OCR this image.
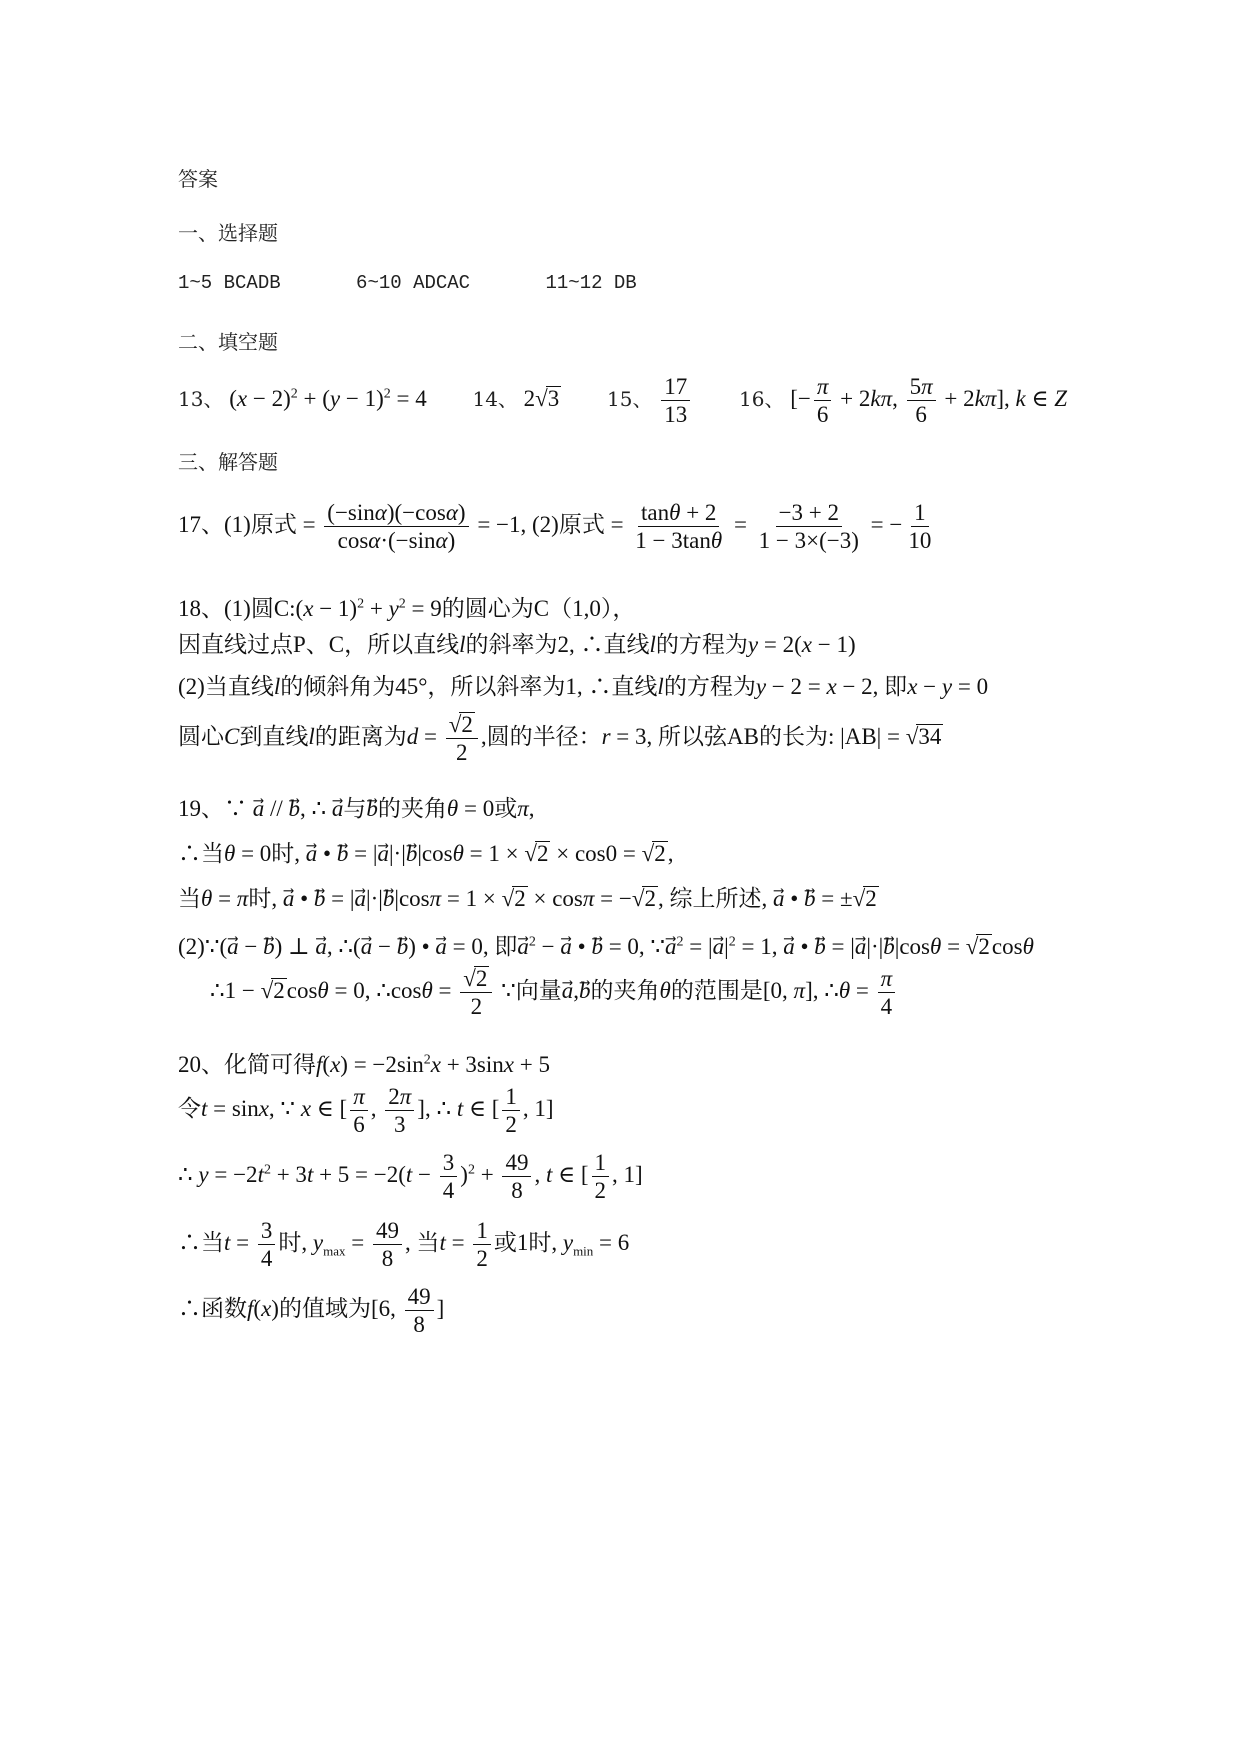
答案
一、选择题
1~5 BCADB	6~10 ADCAC	11~12 DB
二、填空题
13、 $(x - 2)^2 + (y - 1)^2 = 4$ 14、 2√3 15、 $\frac{17}{13} 16$、 [− $\frac{\pi}{6} + 2k\pi$, $\frac{5\pi}{6} + 2k\pi$], k ∈ Z
三、解答题
17、(1)原式 = $\frac{(-\sin\alpha)(-\cos\alpha)}{\cos\alpha\cdot(-\sin\alpha)} = -1$, (2)原式 = $\frac{\tan\theta + 2}{1 - 3\tan\theta} = \frac{-3 + 2}{1 - 3\times(-3)}$ = − $\frac{1}{10}$
18、(1)圆C:(x − $1)^2 + y^2 = 9$的圆心为C（1,0），
因直线过点P、C，所以直线l的斜率为2, ∴直线l的方程为y = 2(x − 1)
(2)当直线l的倾斜角为45°，所以斜率为1, ∴直线l的方程为y − 2 = x − 2, 即x − y = 0
圆心C到直线l的距离为$d = \frac{√2}{2}$ ,圆的半径：r = 3, 所以弦AB的长为: |AB| = √34
19、∵ a⃗ // b⃗, ∴ a⃗与b⃗的夹角θ = 0或π,
∴当θ = 0时, a⃗ • b⃗ = |a⃗|·|b⃗|cosθ = 1 × √2 × cos0 = √2,
当θ = π时, a⃗ • b⃗ = |a⃗|·|b⃗|cosπ = 1 × √2 × cosπ = −√2, 综上所述, a⃗ • b⃗ = ±√2
(2)∵(a⃗ − b⃗) ⊥ a⃗, ∴(a⃗ − b⃗) • a⃗ = 0, 即$a^2$ − a⃗ • b⃗ = 0, $\because a^2$ = $|a⃗|^2 = 1$, a⃗ • b⃗ = |a⃗|·|b⃗|cosθ = √2cosθ
∴1 − √2cosθ = 0, ∴cosθ = $\frac{√2}{2}$ ∵向量a⃗,b⃗的夹角θ的范围是[0, π], ∴θ = $\frac{\pi}{4}$
20、化简可得$f(x) = -2\sin^2x + 3\sin x + 5$
令t = sinx, ∵ x ∈ [ $\frac{\pi}{6}$ , $\frac{2\pi}{3}$ ], ∴ t ∈ [ $\frac{1}{2}$ , 1]
∴ $y = -2t^2 + 3t + 5 = -2(t - \frac{3}{4} )^2 + \frac{49}{8}$ , t ∈ [ $\frac{1}{2}$ , 1]
∴当$t = \frac{3}{4}$ 时, $y_{max} = \frac{49}{8}$ , 当$t = \frac{1}{2}$ 或1时, $y_{min} = 6$
∴函数f(x)的值域为[6, $\frac{49}{8}$ ]
